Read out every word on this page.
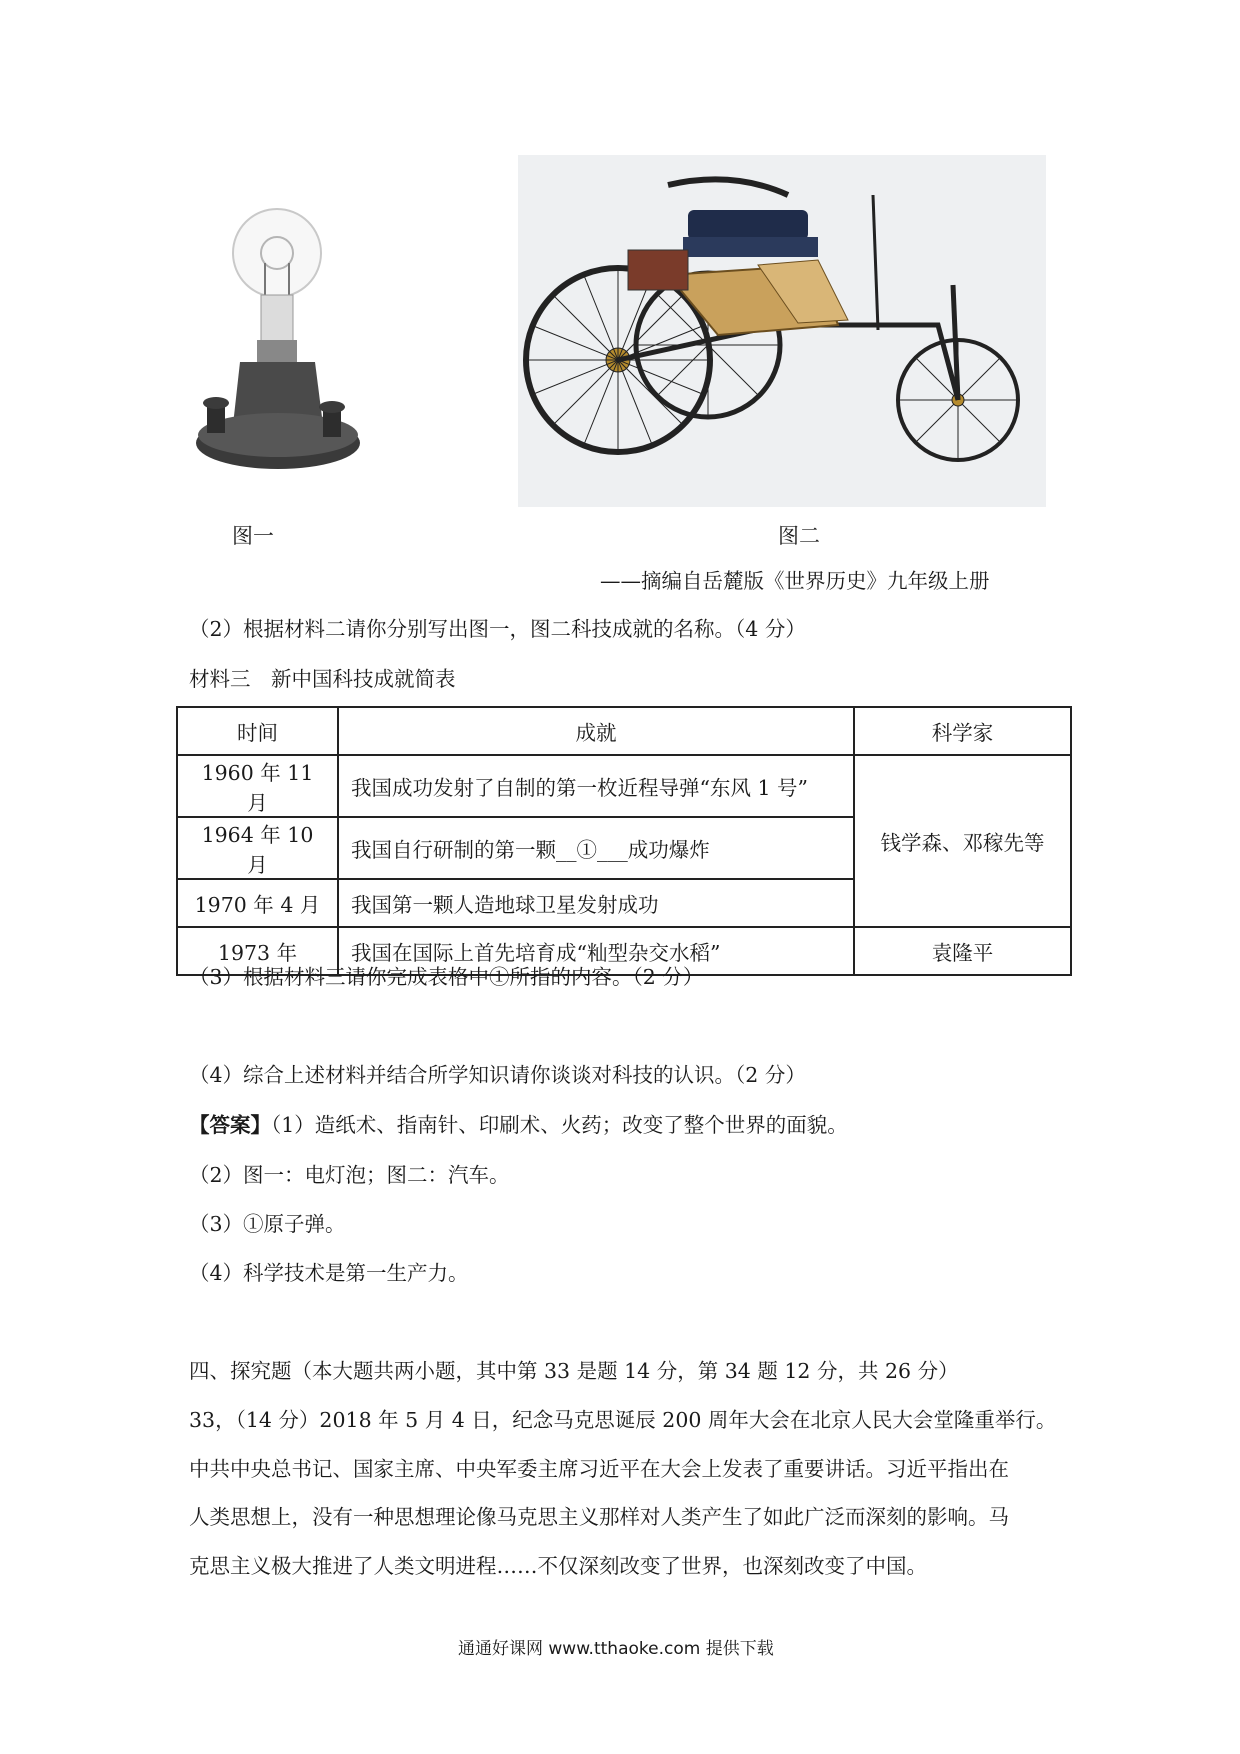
图一	图二
——摘编自岳麓版《世界历史》九年级上册
（2）根据材料二请你分别写出图一，图二科技成就的名称。（4 分）
材料三　新中国科技成就简表
时间	成就	科学家
1960 年 11 月	我国成功发射了自制的第一枚近程导弹“东风 1 号”	钱学森、邓稼先等
1964 年 10 月	我国自行研制的第一颗__①___成功爆炸	
1970 年 4 月	我国第一颗人造地球卫星发射成功	
1973 年	我国在国际上首先培育成“籼型杂交水稻”	袁隆平
（3）根据材料三请你完成表格中①所指的内容。（2 分）
（4）综合上述材料并结合所学知识请你谈谈对科技的认识。（2 分）
【答案】（1）造纸术、指南针、印刷术、火药；改变了整个世界的面貌。
（2）图一：电灯泡；图二：汽车。
（3）①原子弹。
（4）科学技术是第一生产力。
四、探究题（本大题共两小题，其中第 33 是题 14 分，第 34 题 12 分，共 26 分）
33，（14 分）2018 年 5 月 4 日，纪念马克思诞辰 200 周年大会在北京人民大会堂隆重举行。
中共中央总书记、国家主席、中央军委主席习近平在大会上发表了重要讲话。习近平指出在
人类思想上，没有一种思想理论像马克思主义那样对人类产生了如此广泛而深刻的影响。马
克思主义极大推进了人类文明进程……不仅深刻改变了世界，也深刻改变了中国。
通通好课网 www.tthaoke.com 提供下载
